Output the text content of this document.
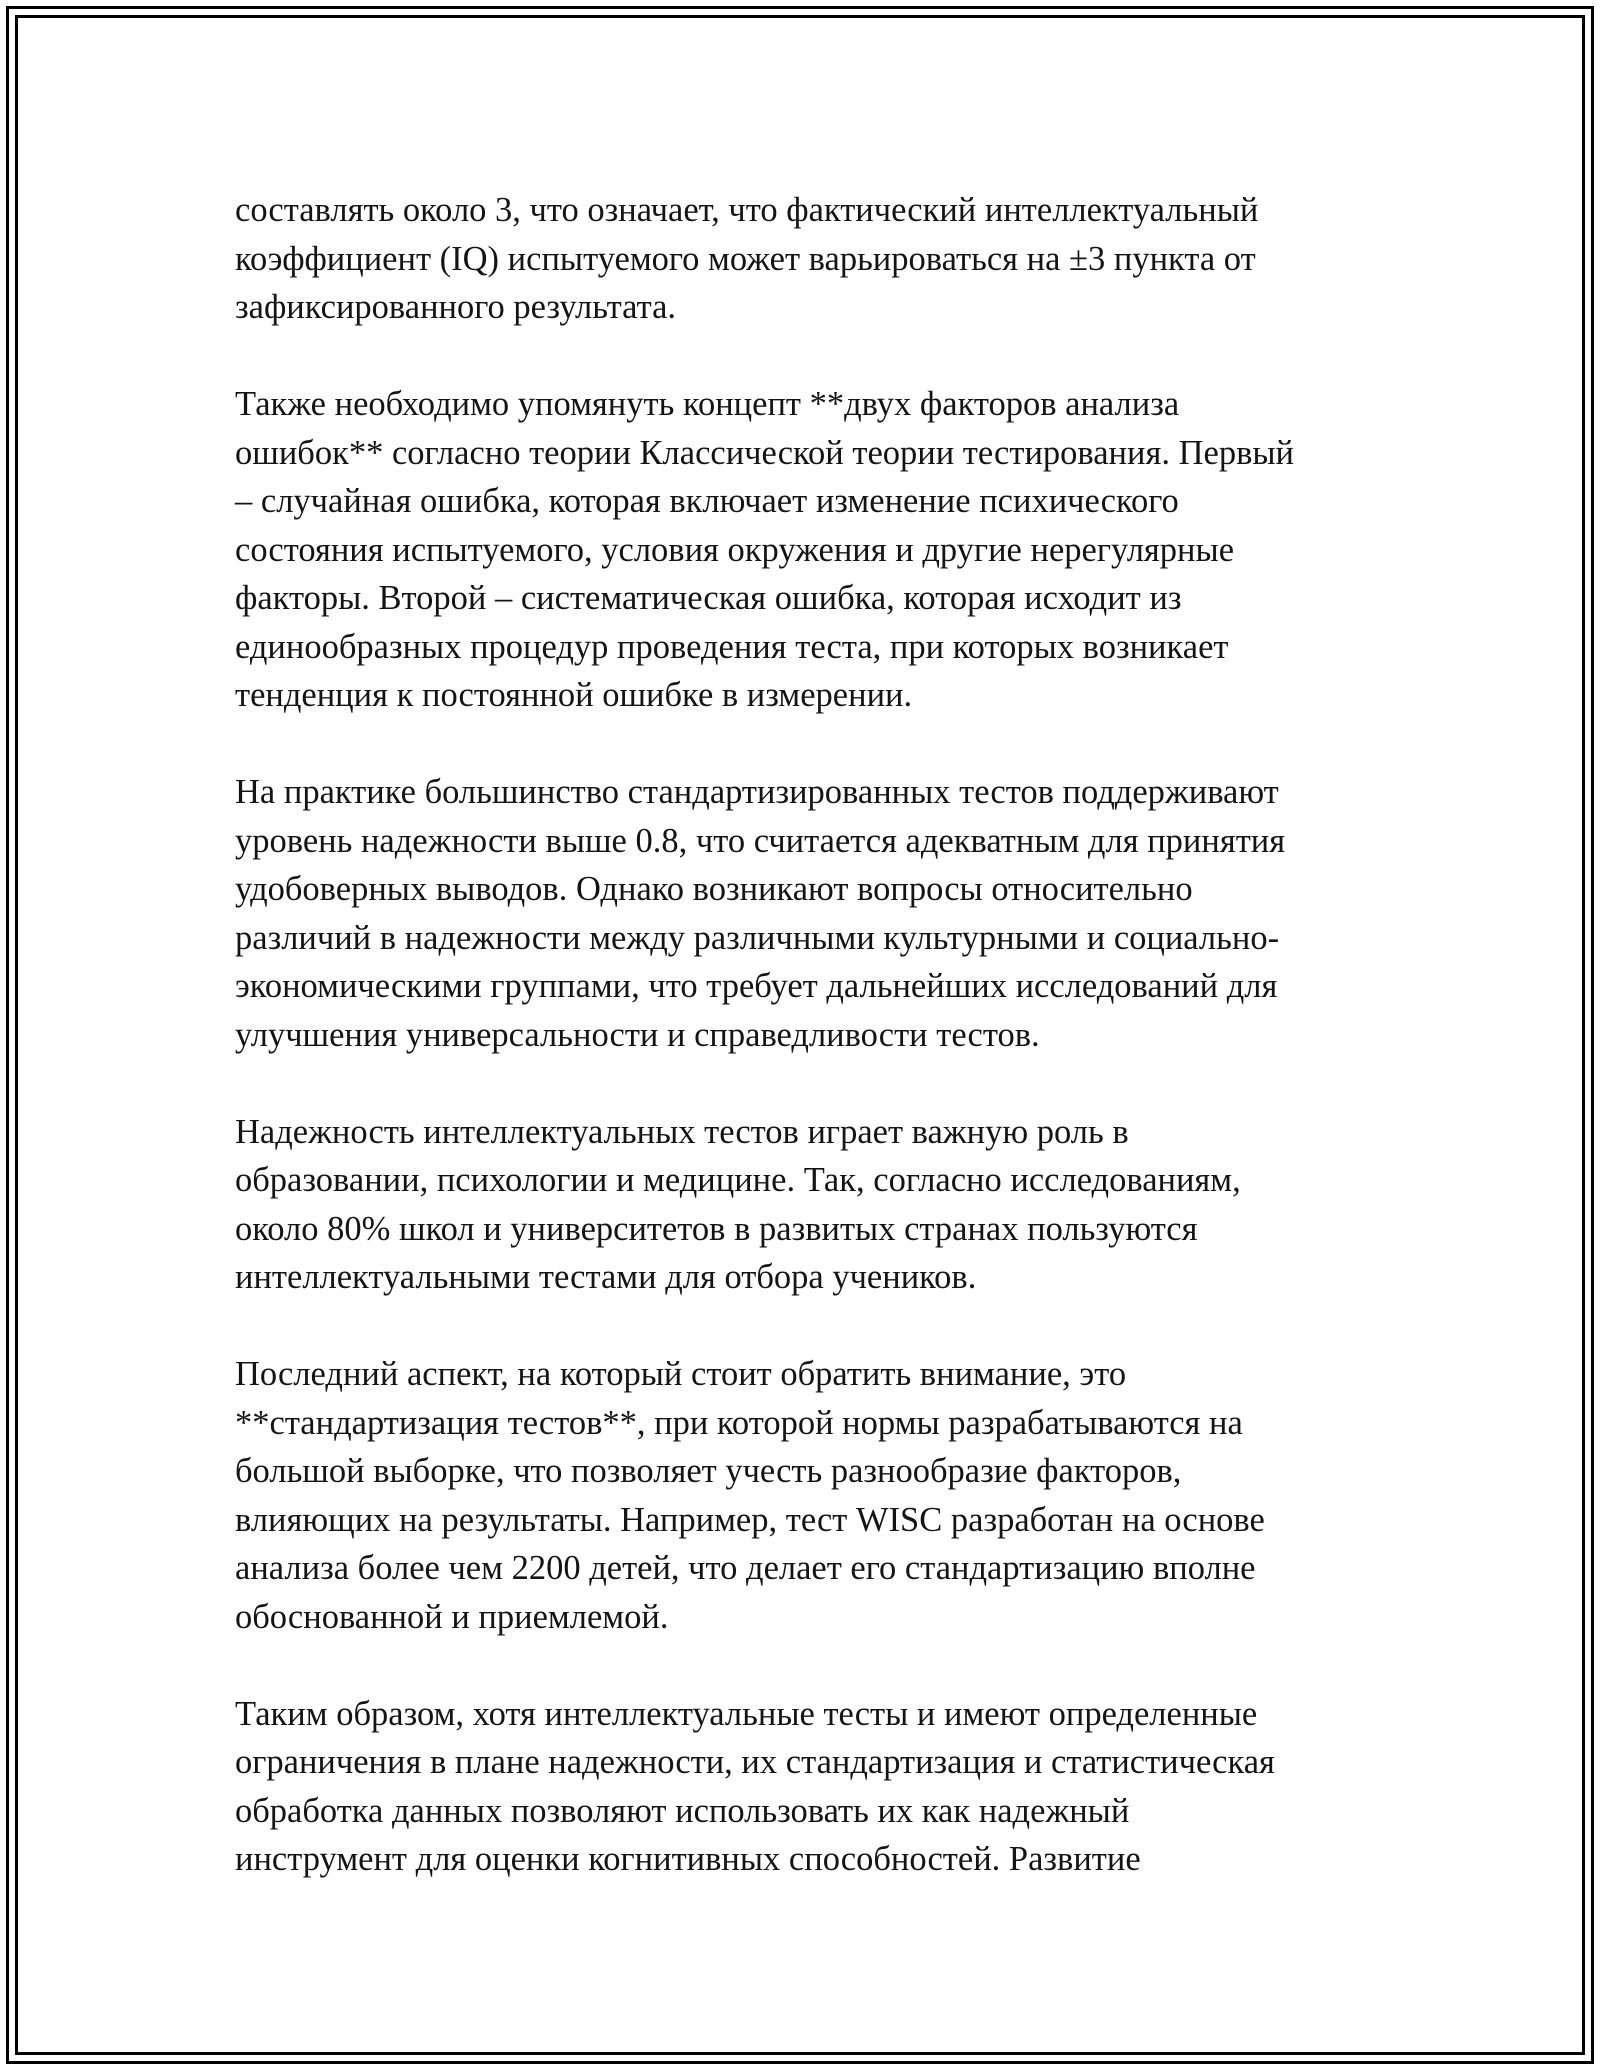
составлять около 3, что означает, что фактический интеллектуальный
коэффициент (IQ) испытуемого может варьироваться на ±3 пункта от
зафиксированного результата.

Также необходимо упомянуть концепт **двух факторов анализа
ошибок** согласно теории Классической теории тестирования. Первый
– случайная ошибка, которая включает изменение психического
состояния испытуемого, условия окружения и другие нерегулярные
факторы. Второй – систематическая ошибка, которая исходит из
единообразных процедур проведения теста, при которых возникает
тенденция к постоянной ошибке в измерении.

На практике большинство стандартизированных тестов поддерживают
уровень надежности выше 0.8, что считается адекватным для принятия
удобоверных выводов. Однако возникают вопросы относительно
различий в надежности между различными культурными и социально-
экономическими группами, что требует дальнейших исследований для
улучшения универсальности и справедливости тестов.

Надежность интеллектуальных тестов играет важную роль в
образовании, психологии и медицине. Так, согласно исследованиям,
около 80% школ и университетов в развитых странах пользуются
интеллектуальными тестами для отбора учеников.

Последний аспект, на который стоит обратить внимание, это
**стандартизация тестов**, при которой нормы разрабатываются на
большой выборке, что позволяет учесть разнообразие факторов,
влияющих на результаты. Например, тест WISC разработан на основе
анализа более чем 2200 детей, что делает его стандартизацию вполне
обоснованной и приемлемой.

Таким образом, хотя интеллектуальные тесты и имеют определенные
ограничения в плане надежности, их стандартизация и статистическая
обработка данных позволяют использовать их как надежный
инструмент для оценки когнитивных способностей. Развитие
